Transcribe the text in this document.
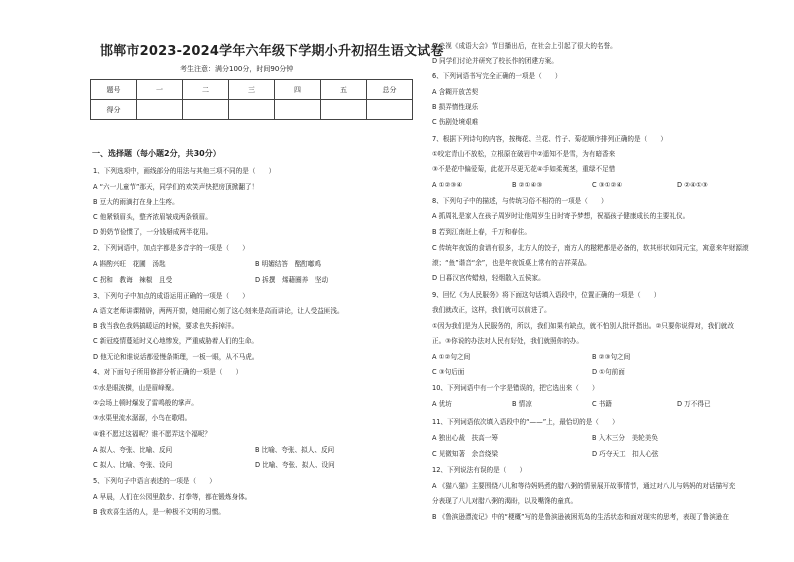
邯郸市2023-2024学年六年级下学期小升初招生语文试卷
考生注意：满分100分，时间90分钟
题号	一	二	三	四	五	总分
得分						
一、选择题（每小题2分，共30分）
1、下列选项中，画线部分的用法与其他三项不同的是（　　）
A “六一儿童节”那天，同学们的欢笑声快把房顶掀翻了！
B 豆大的雨滴打在身上生疼。
C 他紧锁眉头，整齐浓眉皱成两条锁眉。
D 奶奶节俭惯了，一分钱掰成两半花用。
2、下列词语中，加点字都是多音字的一项是（　　）
A 斟酌兴旺　花圃　汤匙	B 明媚结答　酩酊嘟鸡
C 拐和　教诲　辣椒　且受	D 拆撰　烯藉圈养　坚动
3、下列句子中加点的成语运用正确的一项是（　　）
A 语文老师讲课精辟，两两开窗，她用耐心刻了这心刻来是高而讲论，让人受益匪浅。
B 我当我色我妈搞暖运的时候，要求也失拆掉洋。
C 新冠疫情蔓延时义心地惨发，严重威胁着人们的生命。
D 他无论和谁说话都爱慢条斯理，一板一眼，从不马虎。
4、对下面句子所用修辞分析正确的一项是（　　）
①水是眼波横，山是眉峰聚。
②会场上顿时爆发了雷鸣般的掌声。
③水渠里流水潺潺，小鸟在歌唱。
④谁不愿过这福呢？谁不愿弄这个福呢？
A 拟人、夸张、比喻、反问	B 比喻、夸张、拟人、反问
C 拟人、比喻、夸张、设问	D 比喻、夸张、拟人、设问
5、下列句子中语言表述的一项是（　　）
A 早晨，人们在公园里散步、打拳等，都在锻炼身体。
B 我欢喜生活的人，是一种极不文明的习惯。
C 央视《成语大会》节目播出后，在社会上引起了很大的名誉。
D 同学们讨论并研究了校长作的团建方案。
6、下列词语书写完全正确的一项是（　　）
A 含糊开放苦契
B 损弄惰性现乐
C 伤剧处境艰难
7、根据下列诗句的内容，按梅花、兰花、竹子、菊花顺序排列正确的是（　　）
①咬定青山不放松，立根原在破岩中②遥知不是雪，为有暗香来
③不是花中偏爱菊，此花开尽更无花④手如柔荑茎，重绿不足惜
A ①②③④	B ②①④③	C ③①②④	D ②④①③
8、下列句子中的描述，与传统习俗不相符的一项是（　　）
A 抓周礼是家人在孩子周岁时让他周岁生日时寄予梦想，祝福孩子健康成长的主要礼仪。
B 若到江南赶上春，千万和春住。
C 传统年夜饭的食谱有很多，北方人的饺子，南方人的糍粑都是必备的，软其形状如同元宝，寓意来年财源滚
滚；“鱼”谐音“余”，也是年夜饭桌上常有的吉祥菜品。
D 日暮汉宫传蜡烛，轻烟散入五侯家。
9、回忆《为人民服务》将下面这句话填入语段中，位置正确的一项是（　　）
我们就改正，这样，我们就可以前进了。
①因为我们是为人民服务的，所以，我们如果有缺点，就不怕别人批评指出。②只要你说得对，我们就改
正。③你说的办法对人民有好处，我们就照你的办。
A ①②句之间	B ②③句之间
C ③句后面	D ①句前面
10、下列词语中有一个字是错误的，把它选出来（　　）
A 优坊	B 情凉	C 书籍	D 万不得已
11、下列词语依次填入语段中的“——”上，最恰切的是（　　）
A 独出心裁　扶高一筹	B 入木三分　美轮美奂
C 见微知著　余音绕梁	D 巧夺天工　扣人心弦
12、下列说法有误的是（　　）
A 《猫八猫》主要围绕八儿和等待妈妈煮的腊八粥的情景展开故事情节，通过对八儿与妈妈的对话描写充
分表现了八儿对腊八粥的渴盼，以及嘴馋的童真。
B 《鲁滨逊漂流记》中的“梗概”写的是鲁滨逊被困荒岛的生活状态和面对现实的思考，表现了鲁滨逊在
